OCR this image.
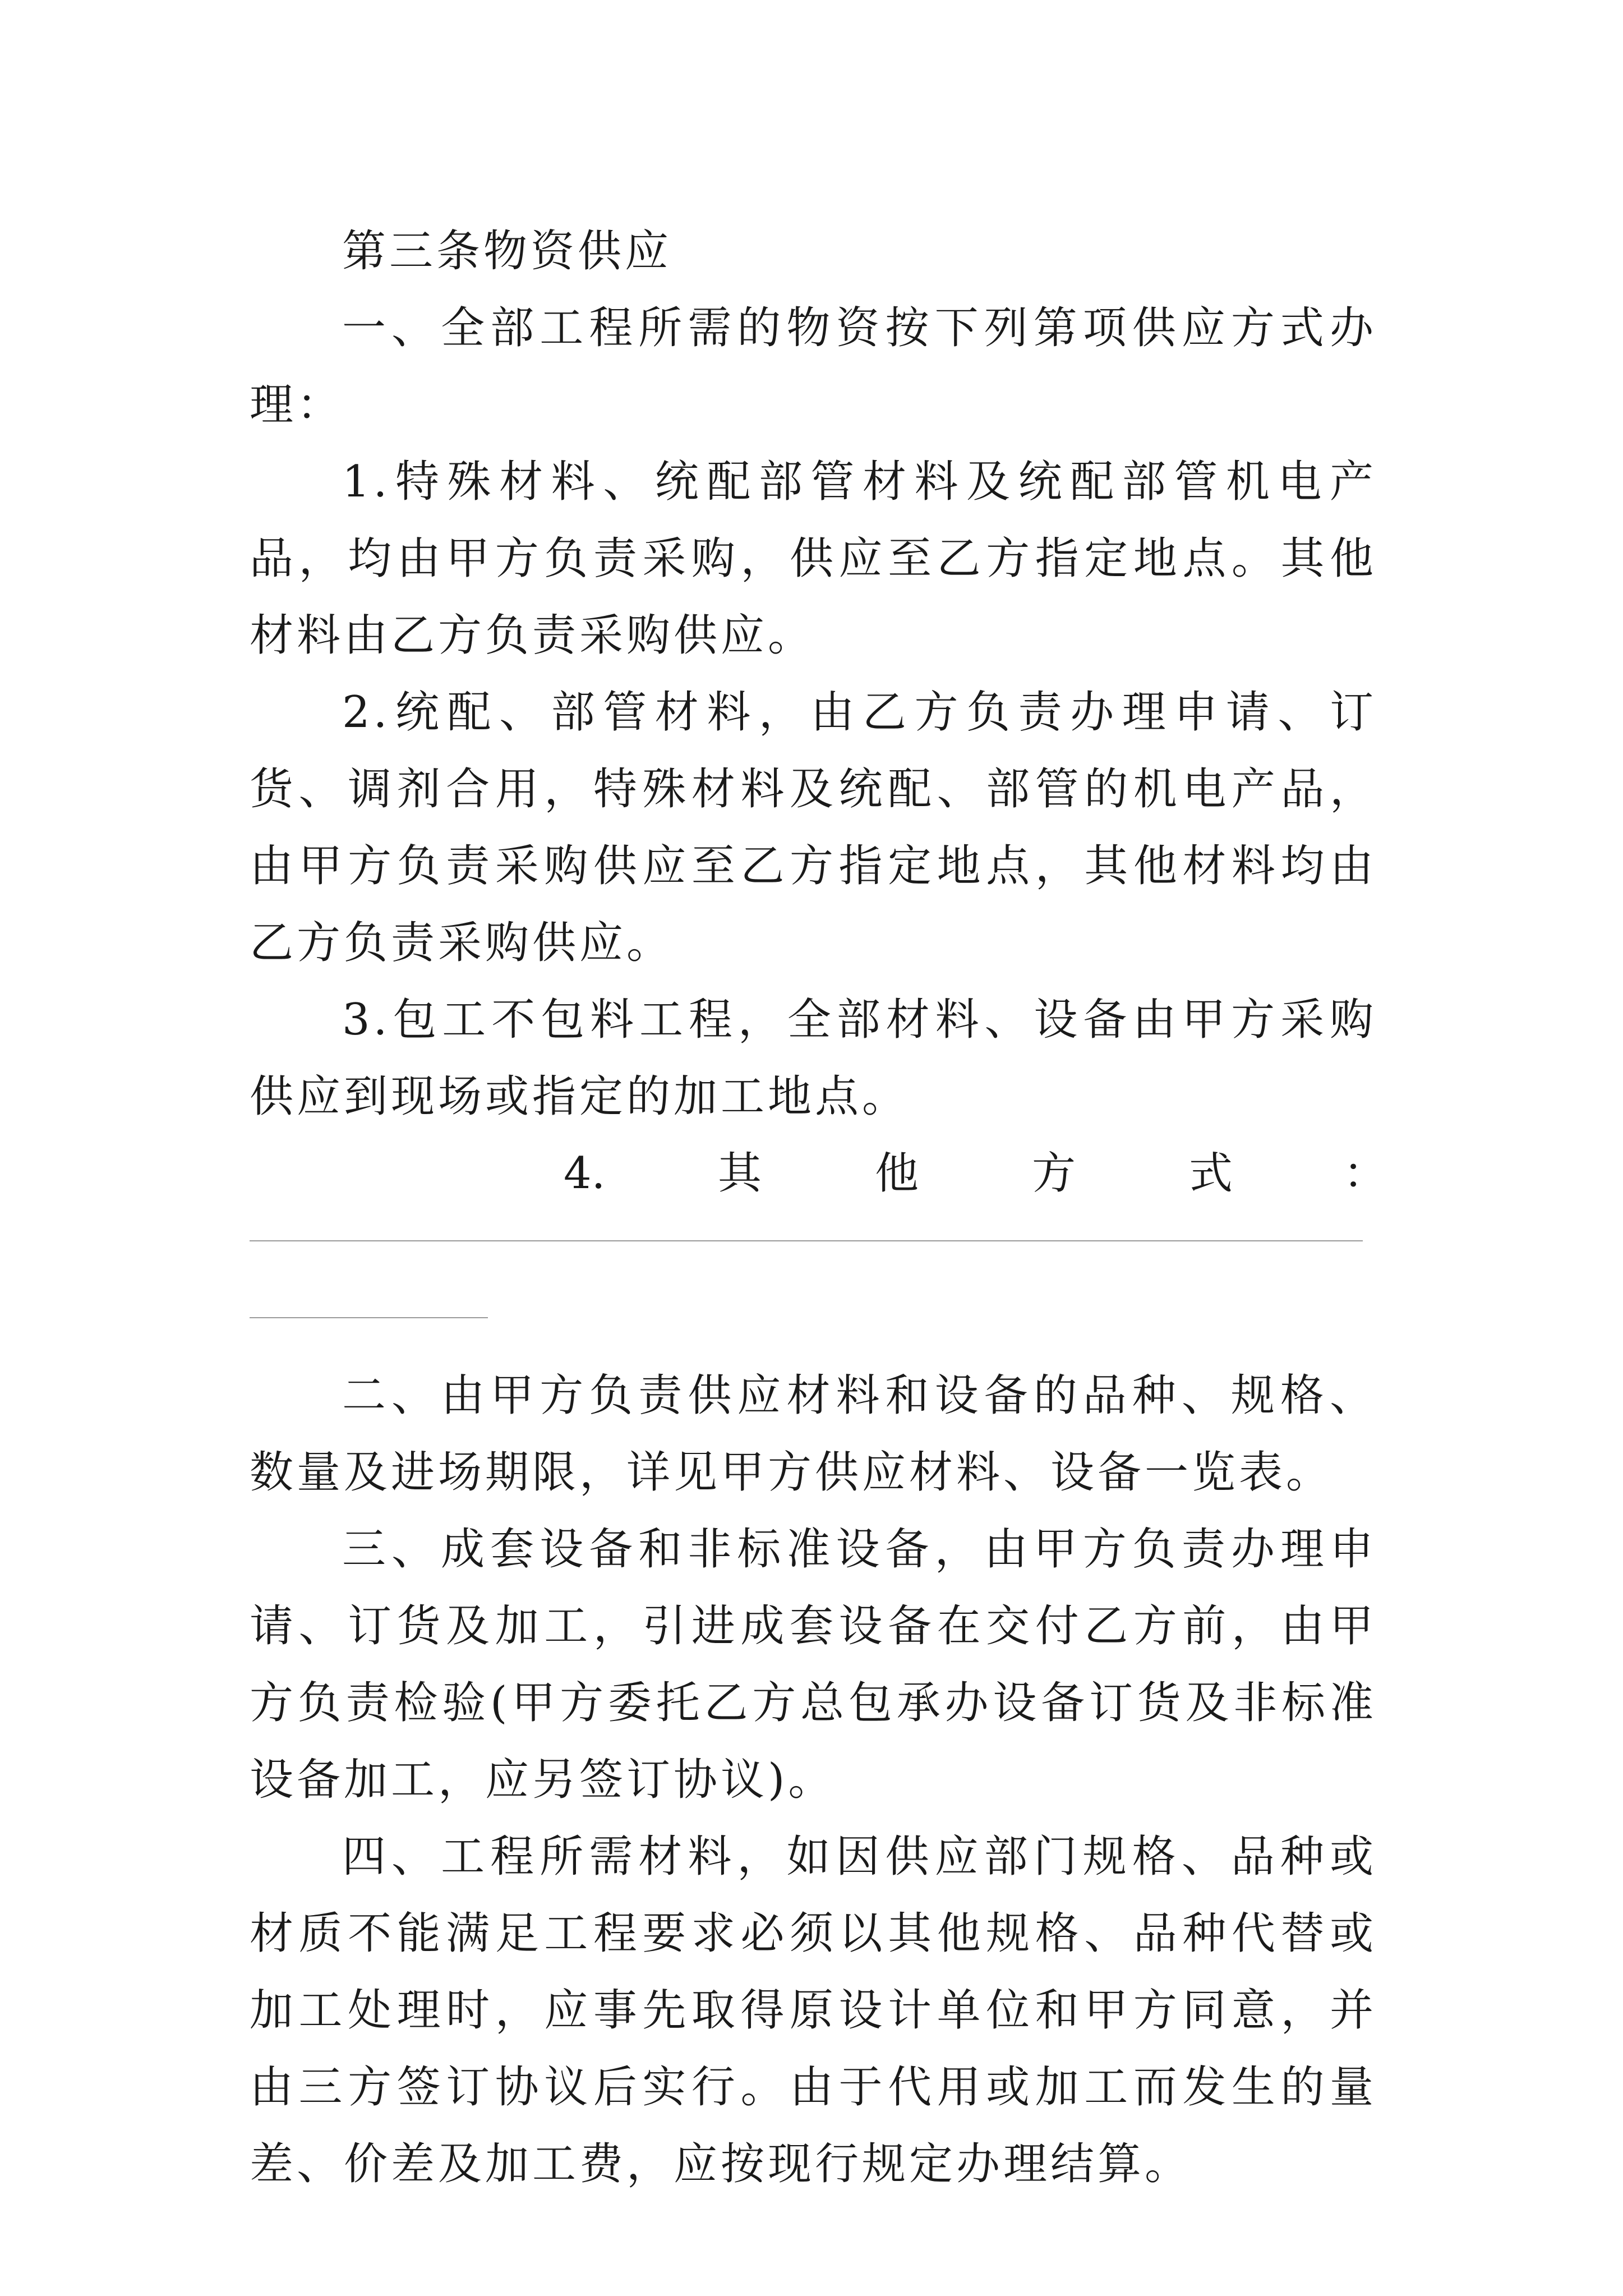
第三条物资供应

一、全部工程所需的物资按下列第项供应方式办理：

1.特殊材料、统配部管材料及统配部管机电产品，均由甲方负责采购，供应至乙方指定地点。其他材料由乙方负责采购供应。

2.统配、部管材料，由乙方负责办理申请、订货、调剂合用，特殊材料及统配、部管的机电产品，由甲方负责采购供应至乙方指定地点，其他材料均由乙方负责采购供应。

3.包工不包料工程，全部材料、设备由甲方采购供应到现场或指定的加工地点。

4.	其	他	方	式	：

二、由甲方负责供应材料和设备的品种、规格、数量及进场期限，详见甲方供应材料、设备一览表。

三、成套设备和非标准设备，由甲方负责办理申请、订货及加工，引进成套设备在交付乙方前，由甲方负责检验(甲方委托乙方总包承办设备订货及非标准设备加工，应另签订协议)。

四、工程所需材料，如因供应部门规格、品种或材质不能满足工程要求必须以其他规格、品种代替或加工处理时，应事先取得原设计单位和甲方同意，并由三方签订协议后实行。由于代用或加工而发生的量差、价差及加工费，应按现行规定办理结算。
